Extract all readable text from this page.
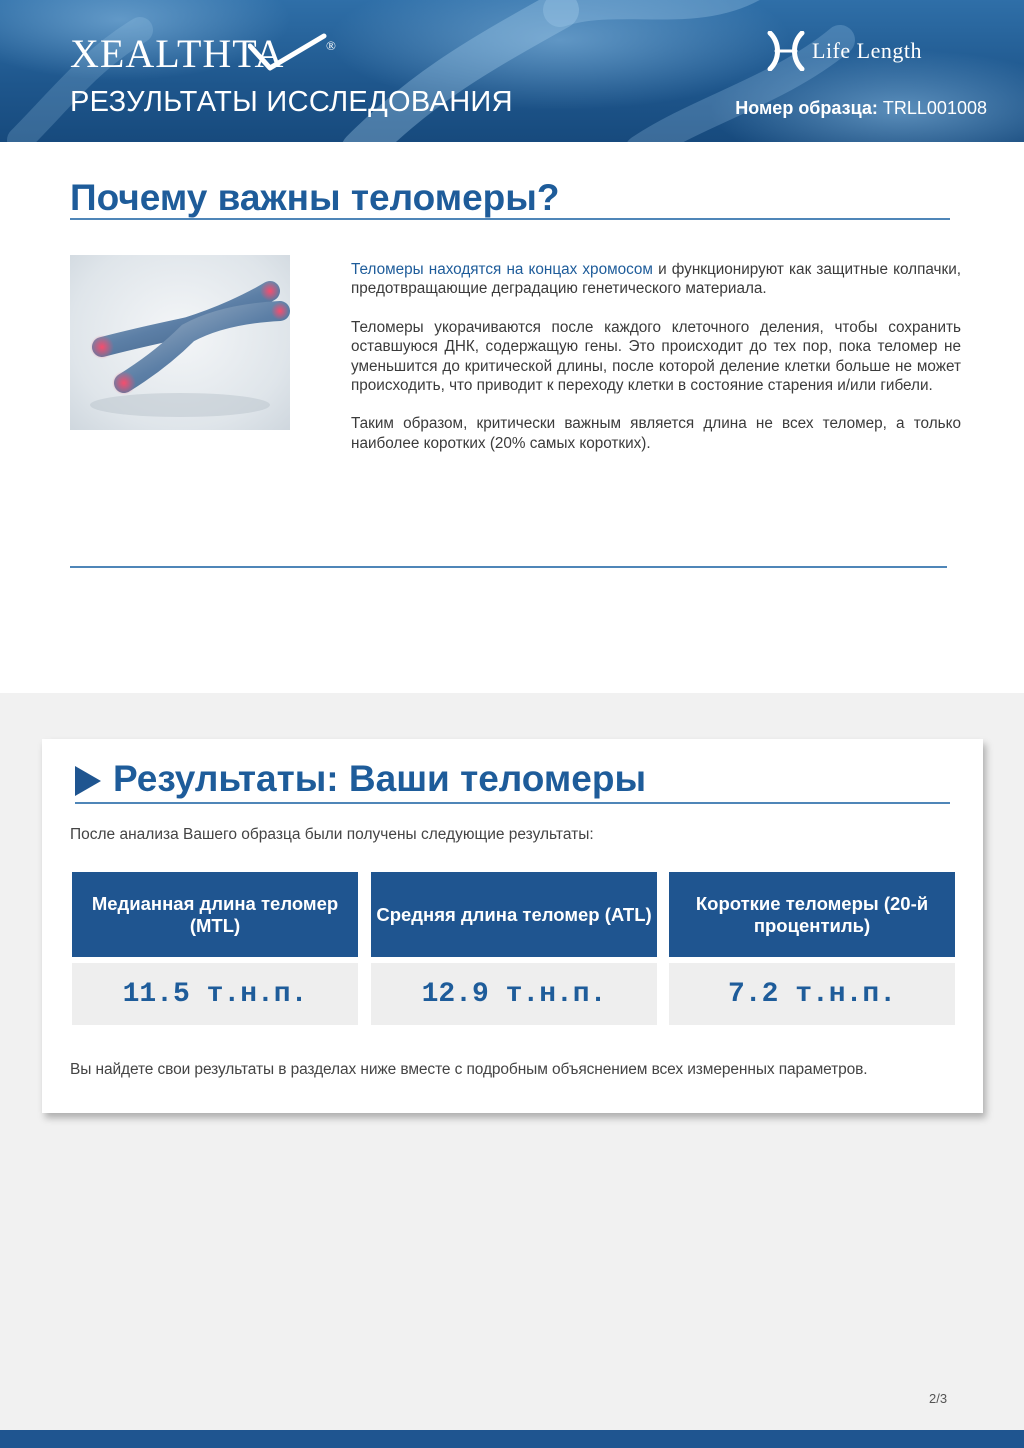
XEALTHTA	®
РЕЗУЛЬТАТЫ ИССЛЕДОВАНИЯ
Life Length
Номер образца: TRLL001008
Почему важны теломеры?

Теломеры находятся на концах хромосом и функционируют как защитные колпачки, предотвращающие деградацию генетического материала.

Теломеры укорачиваются после каждого клеточного деления, чтобы сохранить оставшуюся ДНК, содержащую гены. Это происходит до тех пор, пока теломер не уменьшится до критической длины, после которой деление клетки больше не может происходить, что приводит к переходу клетки в состояние старения и/или гибели.

Таким образом, критически важным является длина не всех теломер, а только наиболее коротких (20% самых коротких).

Результаты: Ваши теломеры
После анализа Вашего образца были получены следующие результаты:
Медианная длина теломер (MTL)
11.5 т.н.п.
Средняя длина теломер (ATL)
12.9 т.н.п.
Короткие теломеры (20-й процентиль)
7.2 т.н.п.
Вы найдете свои результаты в разделах ниже вместе с подробным объяснением всех измеренных параметров.
2/3
